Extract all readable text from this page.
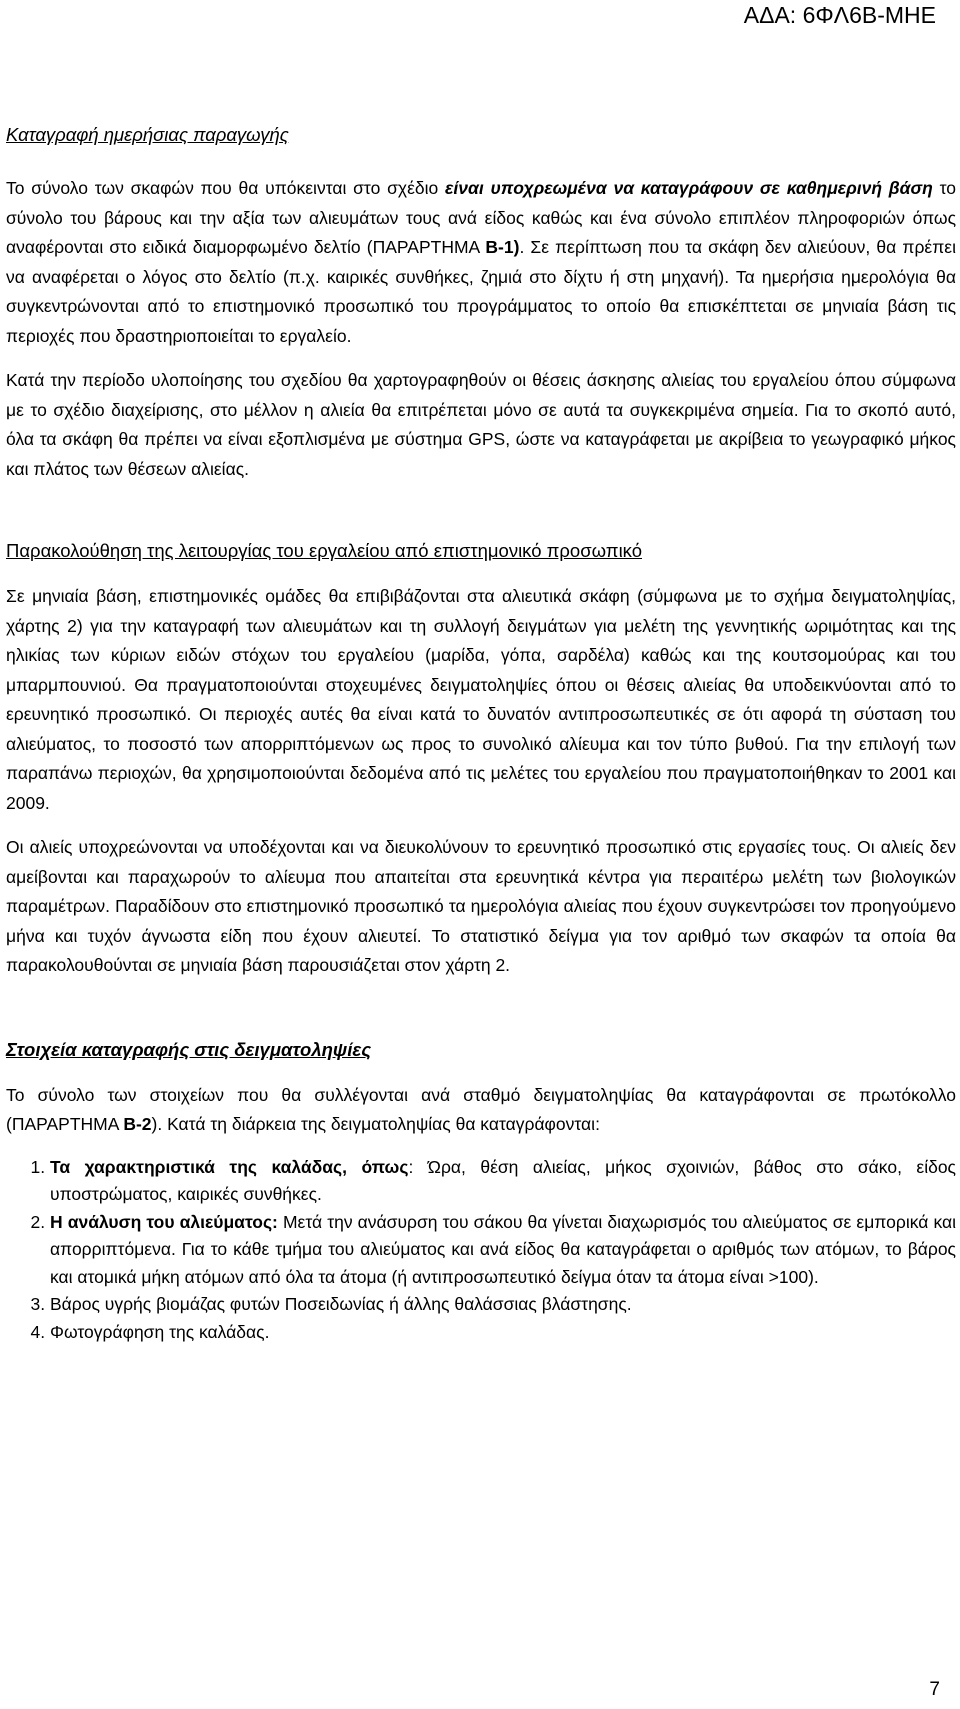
ΑΔΑ: 6ΦΛ6Β-ΜΗΕ

Καταγραφή ημερήσιας παραγωγής

Το σύνολο των σκαφών που θα υπόκεινται στο σχέδιο είναι υποχρεωμένα να καταγράφουν σε καθημερινή βάση το σύνολο του βάρους και την αξία των αλιευμάτων τους ανά είδος καθώς και ένα σύνολο επιπλέον πληροφοριών όπως αναφέρονται στο ειδικά διαμορφωμένο δελτίο (ΠΑΡΑΡΤΗΜΑ Β-1). Σε περίπτωση που τα σκάφη δεν αλιεύουν, θα πρέπει να αναφέρεται ο λόγος στο δελτίο (π.χ. καιρικές συνθήκες, ζημιά στο δίχτυ ή στη μηχανή). Τα ημερήσια ημερολόγια θα συγκεντρώνονται από το επιστημονικό προσωπικό του προγράμματος το οποίο θα επισκέπτεται σε μηνιαία βάση τις περιοχές που δραστηριοποιείται το εργαλείο.

Κατά την περίοδο υλοποίησης του σχεδίου θα χαρτογραφηθούν οι θέσεις άσκησης αλιείας του εργαλείου όπου σύμφωνα με το σχέδιο διαχείρισης, στο μέλλον η αλιεία θα επιτρέπεται μόνο σε αυτά τα συγκεκριμένα σημεία. Για το σκοπό αυτό, όλα τα σκάφη θα πρέπει να είναι εξοπλισμένα με σύστημα GPS, ώστε να καταγράφεται με ακρίβεια το γεωγραφικό μήκος και πλάτος των θέσεων αλιείας.

Παρακολούθηση της λειτουργίας του εργαλείου από επιστημονικό προσωπικό

Σε μηνιαία βάση, επιστημονικές ομάδες θα επιβιβάζονται στα αλιευτικά σκάφη (σύμφωνα με το σχήμα δειγματοληψίας, χάρτης 2) για την καταγραφή των αλιευμάτων και τη συλλογή δειγμάτων για μελέτη της γεννητικής ωριμότητας και της ηλικίας των κύριων ειδών στόχων του εργαλείου (μαρίδα, γόπα, σαρδέλα) καθώς και της κουτσομούρας και του μπαρμπουνιού. Θα πραγματοποιούνται στοχευμένες δειγματοληψίες όπου οι θέσεις αλιείας θα υποδεικνύονται από το ερευνητικό προσωπικό. Οι περιοχές αυτές θα είναι κατά το δυνατόν αντιπροσωπευτικές σε ότι αφορά τη σύσταση του αλιεύματος, το ποσοστό των απορριπτόμενων ως προς το συνολικό αλίευμα και τον τύπο βυθού. Για την επιλογή των παραπάνω περιοχών, θα χρησιμοποιούνται δεδομένα από τις μελέτες του εργαλείου που πραγματοποιήθηκαν το 2001 και 2009.

Οι αλιείς υποχρεώνονται να υποδέχονται και να διευκολύνουν το ερευνητικό προσωπικό στις εργασίες τους. Οι αλιείς δεν αμείβονται και παραχωρούν το αλίευμα που απαιτείται στα ερευνητικά κέντρα για περαιτέρω μελέτη των βιολογικών παραμέτρων. Παραδίδουν στο επιστημονικό προσωπικό τα ημερολόγια αλιείας που έχουν συγκεντρώσει τον προηγούμενο μήνα και τυχόν άγνωστα είδη που έχουν αλιευτεί. Το στατιστικό δείγμα για τον αριθμό των σκαφών τα οποία θα παρακολουθούνται σε μηνιαία βάση παρουσιάζεται στον χάρτη 2.

Στοιχεία καταγραφής στις δειγματοληψίες

Το σύνολο των στοιχείων που θα συλλέγονται ανά σταθμό δειγματοληψίας θα καταγράφονται σε πρωτόκολλο (ΠΑΡΑΡΤΗΜΑ Β-2). Κατά τη διάρκεια της δειγματοληψίας θα καταγράφονται:

1. Τα χαρακτηριστικά της καλάδας, όπως: Ώρα, θέση αλιείας, μήκος σχοινιών, βάθος στο σάκο, είδος υποστρώματος, καιρικές συνθήκες.
2. Η ανάλυση του αλιεύματος: Μετά την ανάσυρση του σάκου θα γίνεται διαχωρισμός του αλιεύματος σε εμπορικά και απορριπτόμενα. Για το κάθε τμήμα του αλιεύματος και ανά είδος θα καταγράφεται ο αριθμός των ατόμων, το βάρος και ατομικά μήκη ατόμων από όλα τα άτομα (ή αντιπροσωπευτικό δείγμα όταν τα άτομα είναι >100).
3. Βάρος υγρής βιομάζας φυτών Ποσειδωνίας ή άλλης θαλάσσιας βλάστησης.
4. Φωτογράφηση της καλάδας.
7
